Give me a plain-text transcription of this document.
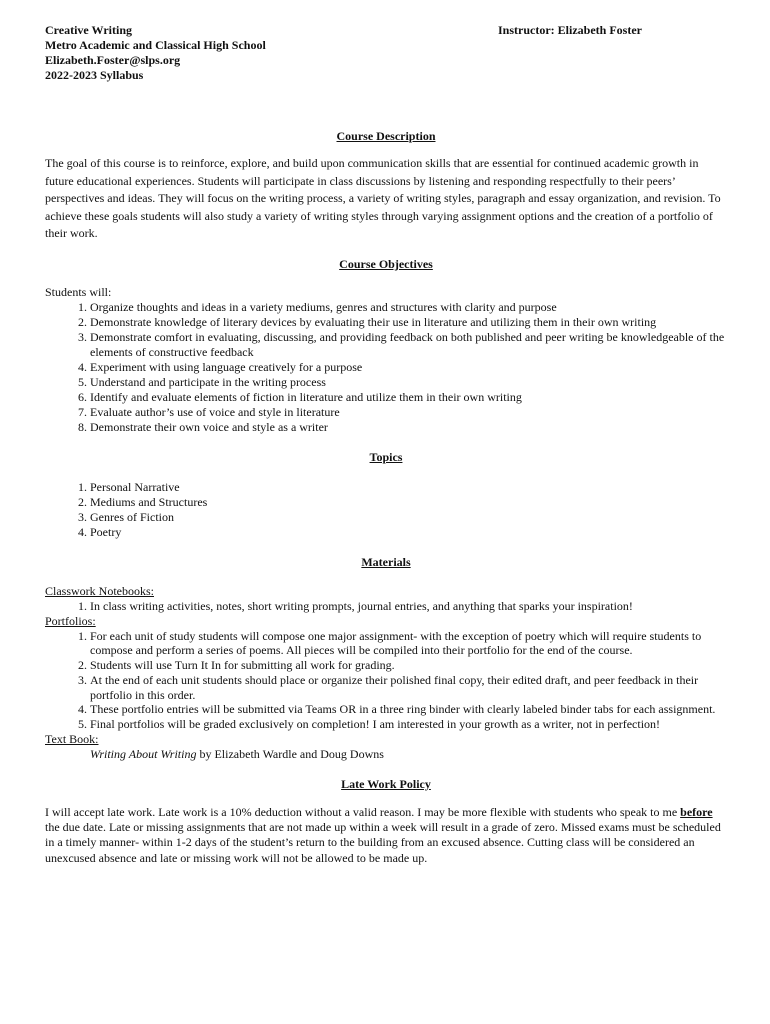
Creative Writing
Metro Academic and Classical High School
Elizabeth.Foster@slps.org
2022-2023 Syllabus
Instructor: Elizabeth Foster
Course Description
The goal of this course is to reinforce, explore, and build upon communication skills that are essential for continued academic growth in future educational experiences. Students will participate in class discussions by listening and responding respectfully to their peers’ perspectives and ideas. They will focus on the writing process, a variety of writing styles, paragraph and essay organization, and revision. To achieve these goals students will also study a variety of writing styles through varying assignment options and the creation of a portfolio of their work.
Course Objectives
Students will:
1. Organize thoughts and ideas in a variety mediums, genres and structures with clarity and purpose
2. Demonstrate knowledge of literary devices by evaluating their use in literature and utilizing them in their own writing
3. Demonstrate comfort in evaluating, discussing, and providing feedback on both published and peer writing be knowledgeable of the elements of constructive feedback
4. Experiment with using language creatively for a purpose
5. Understand and participate in the writing process
6. Identify and evaluate elements of fiction in literature and utilize them in their own writing
7. Evaluate author’s use of voice and style in literature
8. Demonstrate their own voice and style as a writer
Topics
1. Personal Narrative
2. Mediums and Structures
3. Genres of Fiction
4. Poetry
Materials
Classwork Notebooks:
1. In class writing activities, notes, short writing prompts, journal entries, and anything that sparks your inspiration!
Portfolios:
1. For each unit of study students will compose one major assignment- with the exception of poetry which will require students to compose and perform a series of poems. All pieces will be compiled into their portfolio for the end of the course.
2. Students will use Turn It In for submitting all work for grading.
3. At the end of each unit students should place or organize their polished final copy, their edited draft, and peer feedback in their portfolio in this order.
4. These portfolio entries will be submitted via Teams OR in a three ring binder with clearly labeled binder tabs for each assignment.
5. Final portfolios will be graded exclusively on completion! I am interested in your growth as a writer, not in perfection!
Text Book:
Writing About Writing by Elizabeth Wardle and Doug Downs
Late Work Policy
I will accept late work. Late work is a 10% deduction without a valid reason. I may be more flexible with students who speak to me before the due date. Late or missing assignments that are not made up within a week will result in a grade of zero. Missed exams must be scheduled in a timely manner- within 1-2 days of the student’s return to the building from an excused absence. Cutting class will be considered an unexcused absence and late or missing work will not be allowed to be made up.
